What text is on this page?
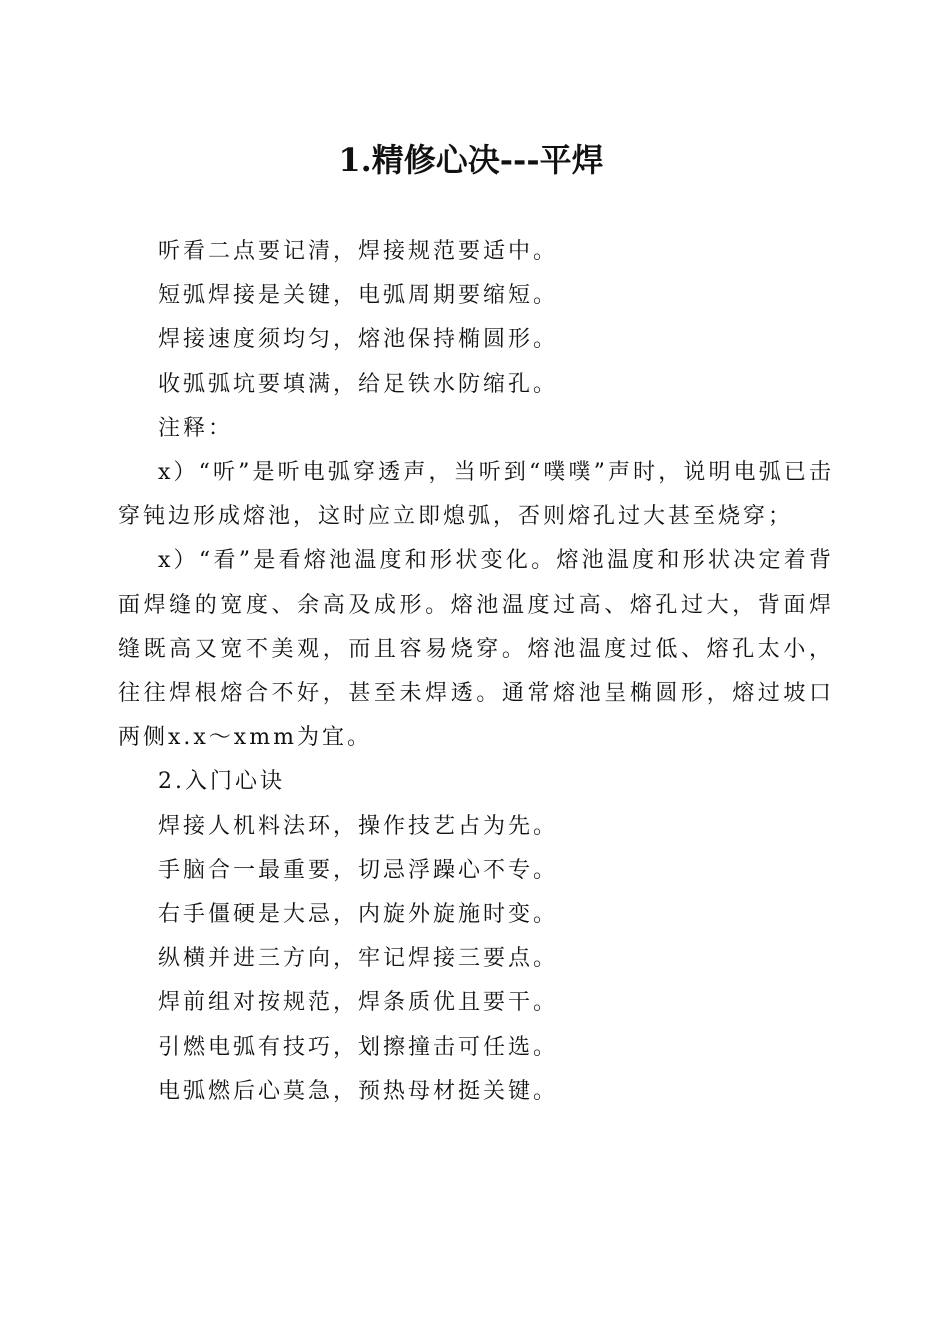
1.精修心决---平焊

听看二点要记清，焊接规范要适中。

短弧焊接是关键，电弧周期要缩短。

焊接速度须均匀，熔池保持椭圆形。

收弧弧坑要填满，给足铁水防缩孔。

注释：

x）“听”是听电弧穿透声，当听到“噗噗”声时，说明电弧已击穿钝边形成熔池，这时应立即熄弧，否则熔孔过大甚至烧穿；

x）“看”是看熔池温度和形状变化。熔池温度和形状决定着背面焊缝的宽度、余高及成形。熔池温度过高、熔孔过大，背面焊缝既高又宽不美观，而且容易烧穿。熔池温度过低、熔孔太小，往往焊根熔合不好，甚至未焊透。通常熔池呈椭圆形，熔过坡口两侧x.x～xmm为宜。

2.入门心诀

焊接人机料法环，操作技艺占为先。

手脑合一最重要，切忌浮躁心不专。

右手僵硬是大忌，内旋外旋施时变。

纵横并进三方向，牢记焊接三要点。

焊前组对按规范，焊条质优且要干。

引燃电弧有技巧，划擦撞击可任选。

电弧燃后心莫急，预热母材挺关键。
